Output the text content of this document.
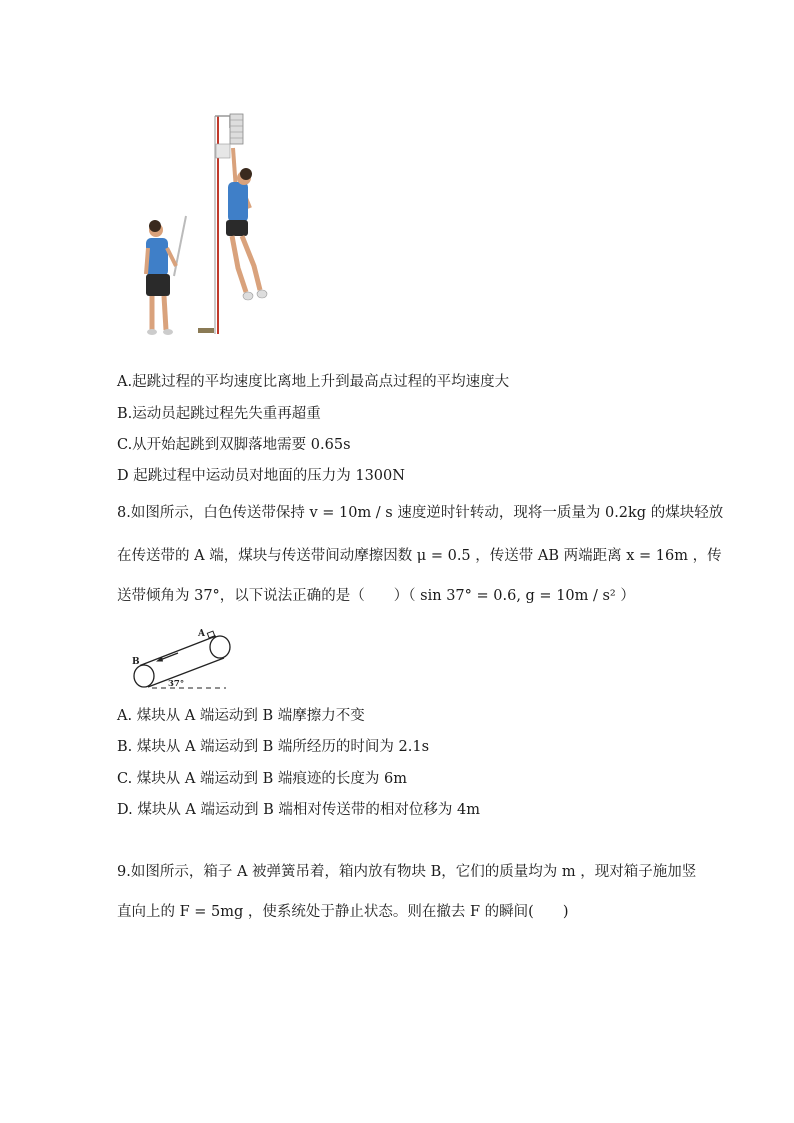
A.起跳过程的平均速度比离地上升到最高点过程的平均速度大
B.运动员起跳过程先失重再超重
C.从开始起跳到双脚落地需要 0.65s
D 起跳过程中运动员对地面的压力为 1300N
8.如图所示，白色传送带保持 v = 10m / s 速度逆时针转动，现将一质量为 0.2kg 的煤块轻放
在传送带的 A 端，煤块与传送带间动摩擦因数 μ = 0.5 ，传送带 AB 两端距离 x = 16m ，传
送带倾角为 37°，以下说法正确的是（　　）（ sin 37° = 0.6, g = 10m / s² ）
A
B
37°
A. 煤块从 A 端运动到 B 端摩擦力不变
B. 煤块从 A 端运动到 B 端所经历的时间为 2.1s
C. 煤块从 A 端运动到 B 端痕迹的长度为 6m
D. 煤块从 A 端运动到 B 端相对传送带的相对位移为 4m
9.如图所示，箱子 A 被弹簧吊着，箱内放有物块 B，它们的质量均为 m ，现对箱子施加竖
直向上的 F = 5mg ，使系统处于静止状态。则在撤去 F 的瞬间(　　)
